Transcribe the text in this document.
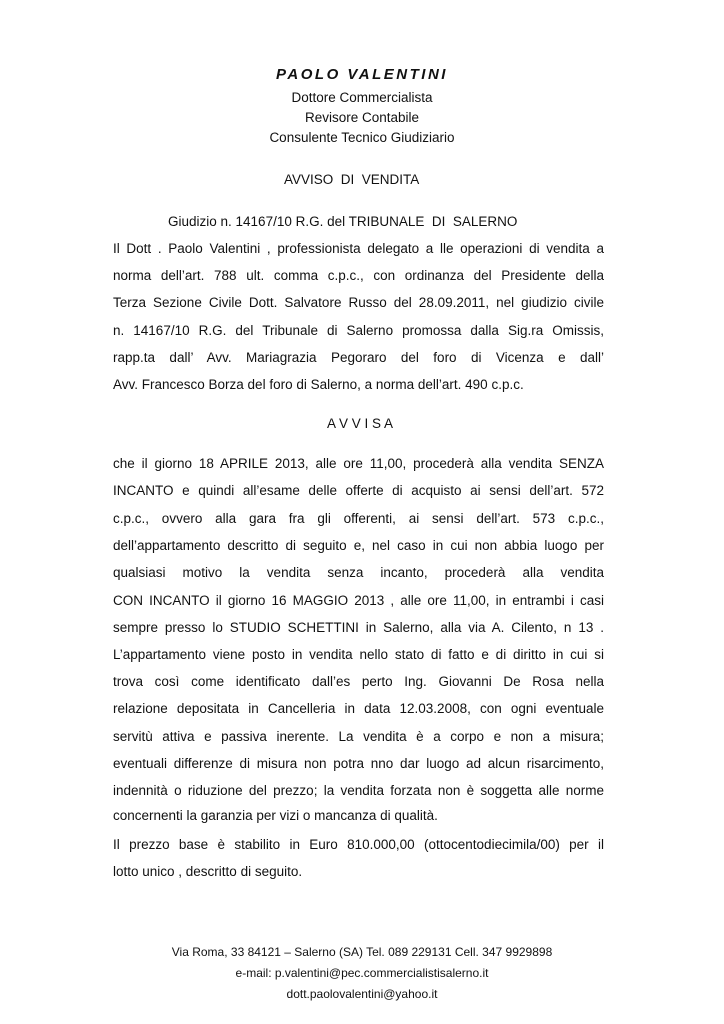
PAOLO VALENTINI
Dottore Commercialista
Revisore Contabile
Consulente Tecnico Giudiziario
AVVISO  DI  VENDITA
Giudizio n. 14167/10 R.G. del TRIBUNALE  DI  SALERNO
Il Dott . Paolo Valentini , professionista delegato a lle operazioni di vendita a
norma dell’art. 788 ult. comma c.p.c., con ordinanza del Presidente della
Terza Sezione Civile Dott. Salvatore Russo del 28.09.2011, nel giudizio civile
n. 14167/10 R.G. del Tribunale di Salerno promossa dalla Sig.ra Omissis,
rapp.ta dall’ Avv. Mariagrazia Pegoraro del foro di Vicenza e dall’
Avv. Francesco Borza del foro di Salerno, a norma dell’art. 490 c.p.c.
A V V I S A
che il giorno 18 APRILE 2013, alle ore 11,00, procederà alla vendita SENZA
INCANTO e quindi all’esame delle offerte di acquisto ai sensi dell’art. 572
c.p.c., ovvero alla gara fra gli offerenti, ai sensi dell’art. 573 c.p.c.,
dell’appartamento descritto di seguito e, nel caso in cui non abbia luogo per
qualsiasi motivo la vendita senza incanto, procederà alla vendita
CON INCANTO il giorno 16 MAGGIO 2013 , alle ore 11,00, in entrambi i casi
sempre presso lo STUDIO SCHETTINI in Salerno, alla via A. Cilento, n 13 .
L’appartamento viene posto in vendita nello stato di fatto e di diritto in cui si
trova così come identificato dall’es perto Ing. Giovanni De Rosa nella
relazione depositata in Cancelleria in data 12.03.2008, con ogni eventuale
servitù attiva e passiva inerente. La vendita è a corpo e non a misura;
eventuali differenze di misura non potra nno dar luogo ad alcun risarcimento,
indennità o riduzione del prezzo; la vendita forzata non è soggetta alle norme
concernenti la garanzia per vizi o mancanza di qualità.
Il prezzo base è stabilito in Euro 810.000,00 (ottocentodiecimila/00) per il
lotto unico , descritto di seguito.
Via Roma, 33 84121 – Salerno (SA) Tel. 089 229131 Cell. 347 9929898
e-mail: p.valentini@pec.commercialistisalerno.it
dott.paolovalentini@yahoo.it
